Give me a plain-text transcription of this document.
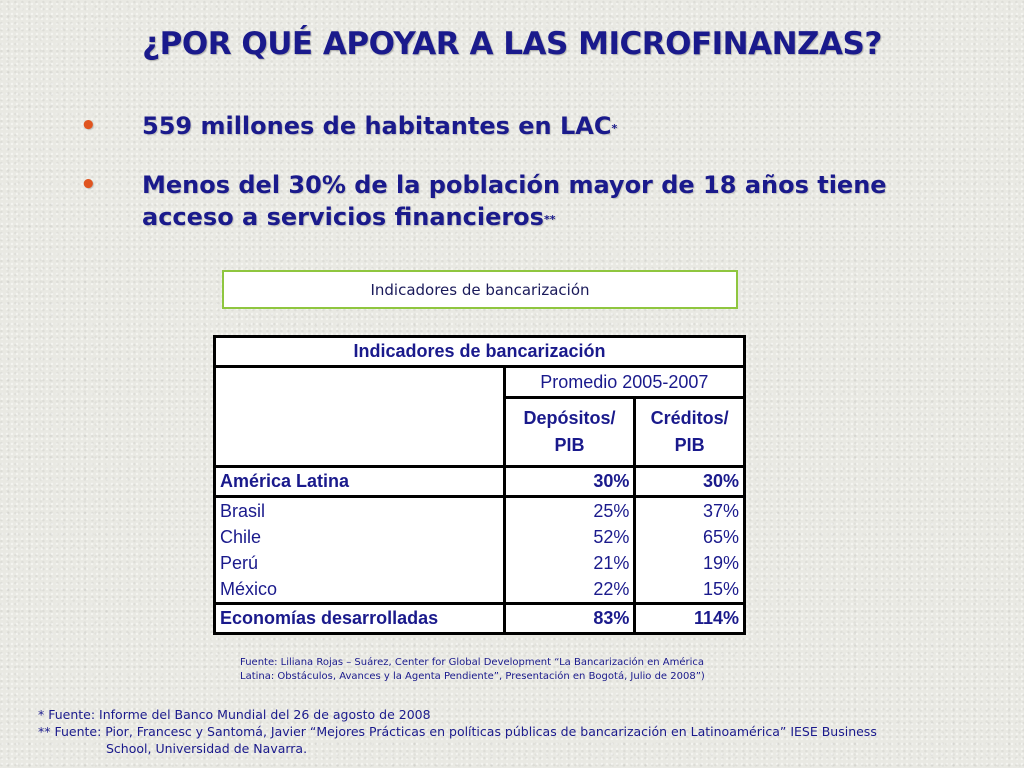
¿POR QUÉ APOYAR A LAS MICROFINANZAS?
• 559 millones de habitantes en LAC*
• Menos del 30% de la población mayor de 18 años tiene acceso a servicios financieros**
Indicadores de bancarización
Indicadores de bancarización		
	Promedio 2005-2007	
	Depósitos/ PIB	Créditos/ PIB
América Latina	30%	30%
Brasil	25%	37%
Chile	52%	65%
Perú	21%	19%
México	22%	15%
Economías desarrolladas	83%	114%
Fuente: Liliana Rojas – Suárez, Center for Global Development “La Bancarización en América Latina: Obstáculos, Avances y la Agenta Pendiente”, Presentación en Bogotá, Julio de 2008”)
* Fuente: Informe del Banco Mundial del 26 de agosto de 2008
** Fuente: Pior, Francesc y Santomá, Javier “Mejores Prácticas en políticas públicas de bancarización en Latinoamérica” IESE Business
School, Universidad de Navarra.
